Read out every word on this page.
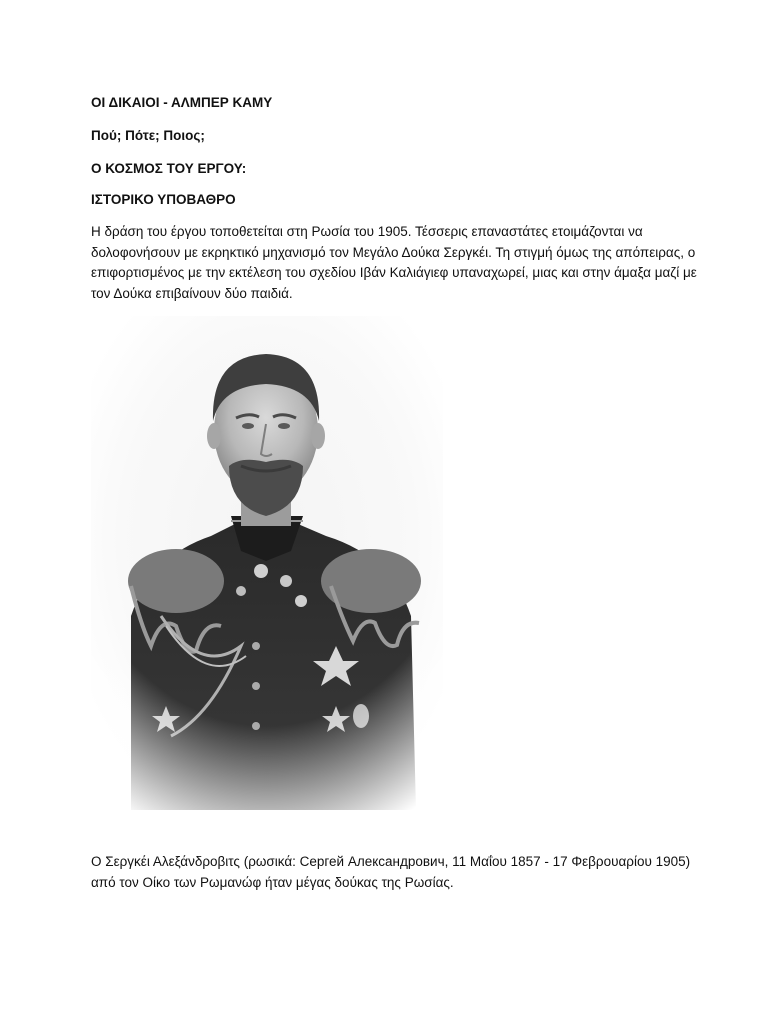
ΟΙ ΔΙΚΑΙΟΙ - ΑΛΜΠΕΡ ΚΑΜΥ
Πού; Πότε; Ποιος;
Ο ΚΟΣΜΟΣ ΤΟΥ ΕΡΓΟΥ:
ΙΣΤΟΡΙΚΟ ΥΠΟΒΑΘΡΟ
Η δράση του έργου τοποθετείται στη Ρωσία του 1905. Τέσσερις επαναστάτες ετοιμάζονται να
δολοφονήσουν με εκρηκτικό μηχανισμό τον Μεγάλο Δούκα Σεργκέι. Τη στιγμή όμως της απόπειρας, ο
επιφορτισμένος με την εκτέλεση του σχεδίου Ιβάν Καλιάγιεφ υπαναχωρεί, μιας και στην άμαξα μαζί με
τον Δούκα επιβαίνουν δύο παιδιά.
Ο Σεργκέι Αλεξάνδροβιτς (ρωσικά: Сергей Александрович, 11 Μαΐου 1857 - 17 Φεβρουαρίου 1905)
από τον Οίκο των Ρωμανώφ ήταν μέγας δούκας της Ρωσίας.
